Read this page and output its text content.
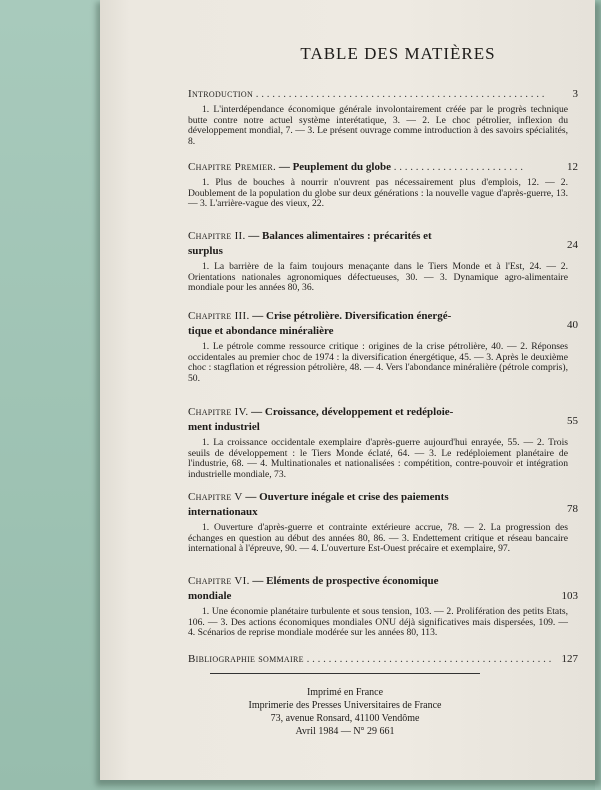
TABLE DES MATIÈRES
Introduction . . . . . . . . . . . . . . . . . . . . . . . . . . . . . . . . . . . . . . . . . . . . . . . . . . . . .	3
1. L'interdépendance économique générale involontairement créée par le progrès technique butte contre notre actuel système interétatique, 3. — 2. Le choc pétrolier, inflexion du développement mondial, 7. — 3. Le présent ouvrage comme introduction à des savoirs spécialités, 8.
Chapitre Premier. — Peuplement du globe . . . . . . . . . . . . . . . . . . . . . . . .	12
1. Plus de bouches à nourrir n'ouvrent pas nécessairement plus d'emplois, 12. — 2. Doublement de la population du globe sur deux générations : la nouvelle vague d'après-guerre, 13. — 3. L'arrière-vague des vieux, 22.
Chapitre II. — Balances alimentaires : précarités et
surplus	24
1. La barrière de la faim toujours menaçante dans le Tiers Monde et à l'Est, 24. — 2. Orientations nationales agronomiques défectueuses, 30. — 3. Dynamique agro-alimentaire mondiale pour les années 80, 36.
Chapitre III. — Crise pétrolière. Diversification énergé-
tique et abondance minéralière	40
1. Le pétrole comme ressource critique : origines de la crise pétrolière, 40. — 2. Réponses occidentales au premier choc de 1974 : la diversification énergétique, 45. — 3. Après le deuxième choc : stagflation et régression pétrolière, 48. — 4. Vers l'abondance minéralière (pétrole compris), 50.
Chapitre IV. — Croissance, développement et redéploie-
ment industriel	55
1. La croissance occidentale exemplaire d'après-guerre aujourd'hui enrayée, 55. — 2. Trois seuils de développement : le Tiers Monde éclaté, 64. — 3. Le redéploiement planétaire de l'industrie, 68. — 4. Multinationales et nationalisées : compétition, contre-pouvoir et intégration industrielle mondiale, 73.
Chapitre V — Ouverture inégale et crise des paiements
internationaux	78
1. Ouverture d'après-guerre et contrainte extérieure accrue, 78. — 2. La progression des échanges en question au début des années 80, 86. — 3. Endettement critique et réseau bancaire international à l'épreuve, 90. — 4. L'ouverture Est-Ouest précaire et exemplaire, 97.
Chapitre VI. — Eléments de prospective économique
mondiale	103
1. Une économie planétaire turbulente et sous tension, 103. — 2. Prolifération des petits Etats, 106. — 3. Des actions économiques mondiales ONU déjà significatives mais dispersées, 109. — 4. Scénarios de reprise mondiale modérée sur les années 80, 113.
Bibliographie sommaire . . . . . . . . . . . . . . . . . . . . . . . . . . . . . . . . . . . . . . . . . . . . . 127
Imprimé en France
Imprimerie des Presses Universitaires de France
73, avenue Ronsard, 41100 Vendôme
Avril 1984 — N° 29 661
